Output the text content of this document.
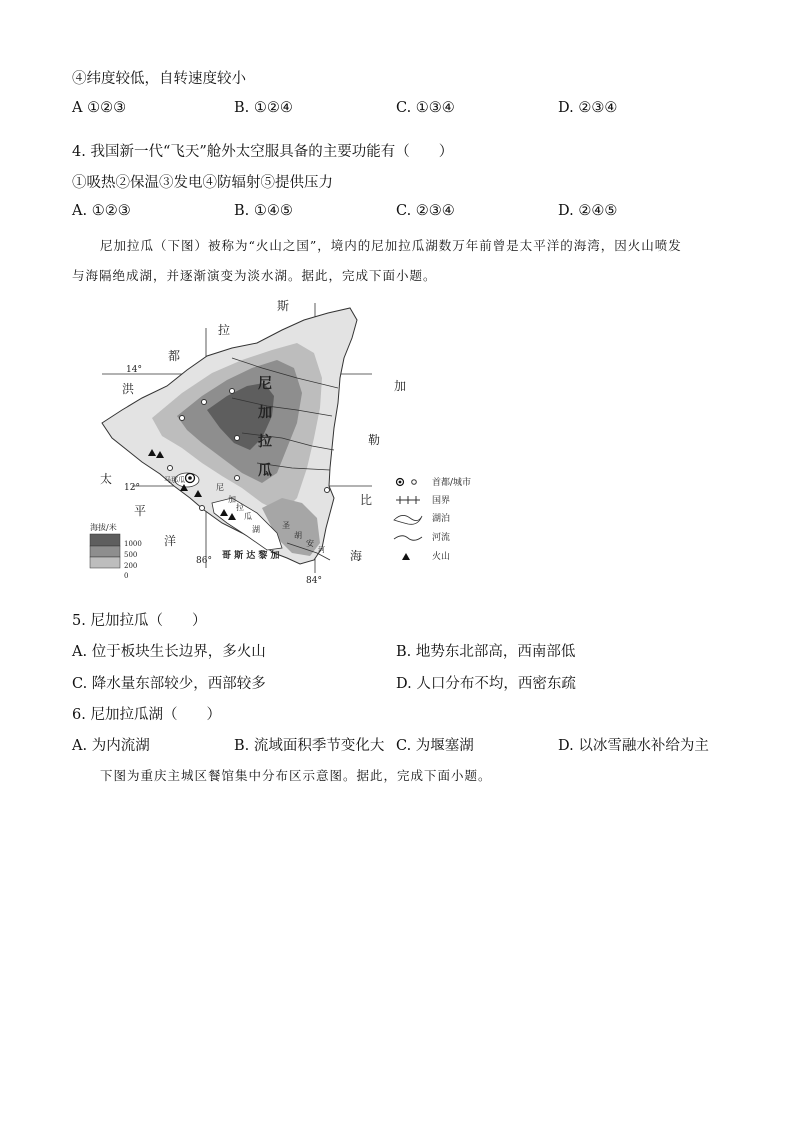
④纬度较低，自转速度较小
A ①②③	B. ①②④	C. ①③④	D. ②③④
4. 我国新一代“飞天”舱外太空服具备的主要功能有（　　）
①吸热②保温③发电④防辐射⑤提供压力
A. ①②③	B. ①④⑤	C. ②③④	D. ②④⑤
尼加拉瓜（下图）被称为“火山之国”，境内的尼加拉瓜湖数万年前曾是太平洋的海湾，因火山喷发
与海隔绝成湖，并逐渐演变为淡水湖。据此，完成下面小题。
斯
拉
都
洪
太
平
洋
尼
加
拉
瓜
加
勒
比
海
哥 斯 达 黎 加
马那瓜
尼
加
拉
瓜
湖	圣
胡
安
河
14°
12°
86°
84°
海拔/米
1000
500
200
0
首都/城市
国界
湖泊
河流
火山
5. 尼加拉瓜（　　）
A. 位于板块生长边界，多火山	B. 地势东北部高，西南部低
C. 降水量东部较少，西部较多	D. 人口分布不均，西密东疏
6. 尼加拉瓜湖（　　）
A. 为内流湖	B. 流域面积季节变化大 C. 为堰塞湖	D. 以冰雪融水补给为主
下图为重庆主城区餐馆集中分布区示意图。据此，完成下面小题。
